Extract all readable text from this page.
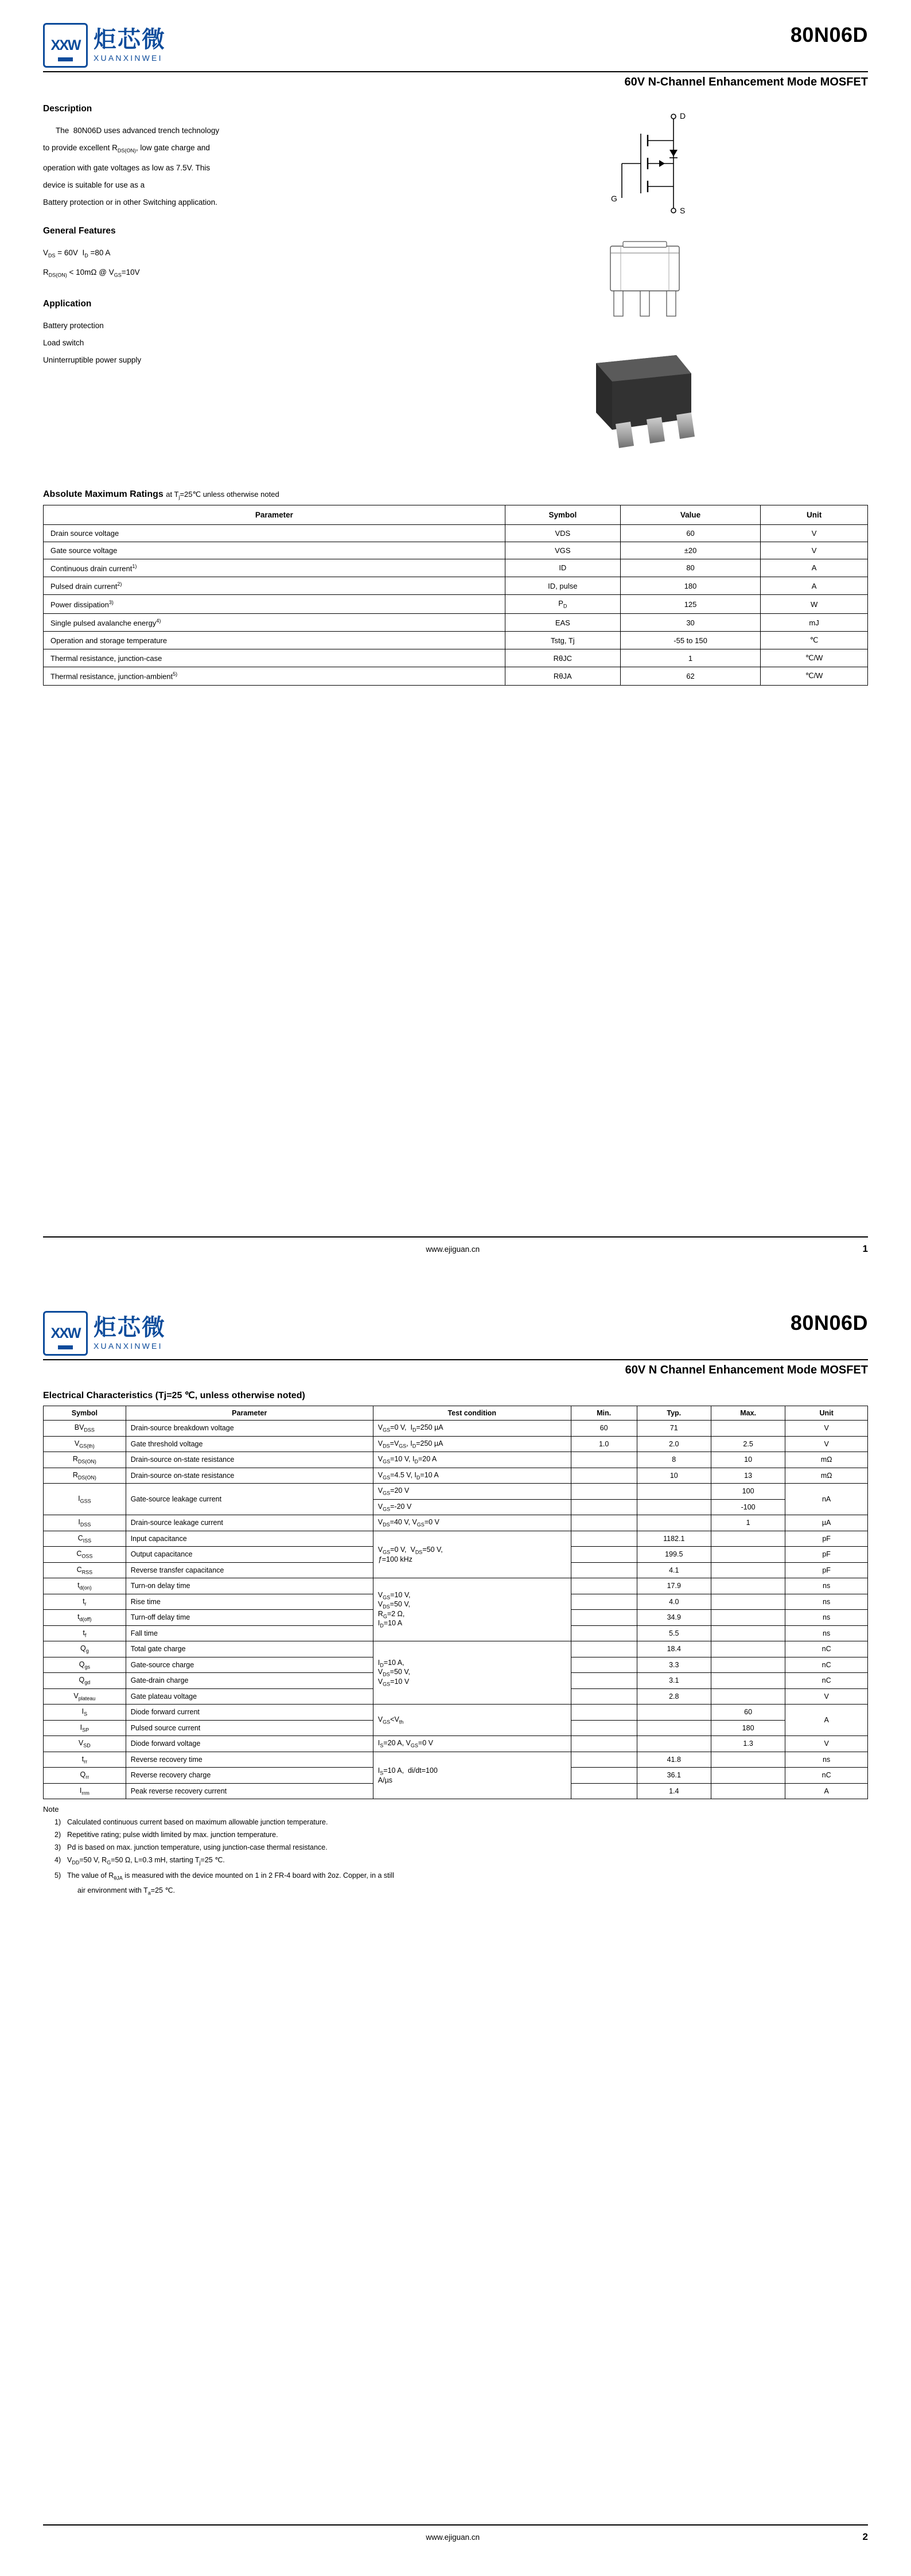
XXW 炬芯微
XUANXINWEI
80N06D
60V N-Channel Enhancement Mode MOSFET
Description
The  80N06D uses advanced trench technology
to provide excellent $R_{DS(ON)}$, low gate charge and
operation with gate voltages as low as 7.5V. This
device is suitable for use as a
Battery protection or in other Switching application.
General Features
$V_{DS} = 60V$  $I_D =80$ A
$R_{DS(ON)} < 10m\Omega$ @ $V_{GS}=10V$
Application
Battery protection
Load switch
Uninterruptible power supply
D
G
S
Absolute Maximum Ratings at $T_j=25℃$ unless otherwise noted
Parameter	Symbol	Value	Unit
Drain source voltage	VDS	60	V
Gate source voltage	VGS	±20	V
Continuous drain current$^{1)}$	ID	80	A
Pulsed drain current$^{2)}$	ID, pulse	180	A
Power dissipation$^{3)}$	$P_D$	125	W
Single pulsed avalanche energy$^{4)}$	EAS	30	mJ
Operation and storage temperature	Tstg, Tj	-55 to 150	℃
Thermal resistance, junction-case	RθJC	1	℃/W
Thermal resistance, junction-ambient$^{5)}$	RθJA	62	℃/W
www.ejiguan.cn	1
XXW 炬芯微
XUANXINWEI
80N06D
60V N Channel Enhancement Mode MOSFET
Electrical Characteristics (Tj=25 ℃, unless otherwise noted)
Symbol	Parameter	Test condition	Min.	Typ.	Max.	Unit
$BV_{DSS}$	Drain-source breakdown voltage	$V_{GS}=0$ V,  $I_D=250$ µA	60	71		V
$V_{GS(th)}$	Gate threshold voltage	$V_{DS}=V_{GS}$, $I_D=250$ µA	1.0	2.0	2.5	V
$R_{DS(ON)}$	Drain-source on-state resistance	$V_{GS}=10$ V, $I_D=20$ A		8	10	mΩ
$R_{DS(ON)}$	Drain-source on-state resistance	$V_{GS}=4.5$ V, $I_D=10$ A		10	13	mΩ
$I_{GSS}$	Gate-source leakage current	$V_{GS}=20$ V			100	nA
		$V_{GS}=-20$ V			-100	
$I_{DSS}$	Drain-source leakage current	$V_{DS}=40$ V, $V_{GS}=0$ V			1	µA
$C_{ISS}$	Input capacitance	$V_{GS}=0$ V,  $V_{DS}=50$ V,
ƒ=100 kHz		1182.1		pF
$C_{OSS}$	Output capacitance			199.5		pF
$C_{RSS}$	Reverse transfer capacitance			4.1		pF
$t_{d(on)}$	Turn-on delay time	$V_{GS}=10$ V,
$V_{DS}=50$ V,
$R_G=2$ Ω,
$I_D=10$ A		17.9		ns
$t_r$	Rise time			4.0		ns
$t_{d(off)}$	Turn-off delay time			34.9		ns
$t_f$	Fall time			5.5		ns
$Q_g$	Total gate charge	$I_D=10$ A,
$V_{DS}=50$ V,
$V_{GS}=10$ V		18.4		nC
$Q_{gs}$	Gate-source charge			3.3		nC
$Q_{gd}$	Gate-drain charge			3.1		nC
$V_{plateau}$	Gate plateau voltage			2.8		V
$I_S$	Diode forward current	$V_{GS}<V_{th}$			60	A
$I_{SP}$	Pulsed source current				180	
$V_{SD}$	Diode forward voltage	$I_S=20$ A, $V_{GS}=0$ V			1.3	V
$t_{rr}$	Reverse recovery time	$I_S=10$ A,  di/dt=100
A/µs		41.8		ns
$Q_{rr}$	Reverse recovery charge			36.1		nC
$I_{rrm}$	Peak reverse recovery current			1.4		A
Note
1) Calculated continuous current based on maximum allowable junction temperature.
2) Repetitive rating; pulse width limited by max. junction temperature.
3) Pd is based on max. junction temperature, using junction-case thermal resistance.
4) $V_{DD}=50$ V, $R_G=50$ Ω, L=0.3 mH, starting $T_j=25$ ℃.
5) The value of $R_{\theta JA}$ is measured with the device mounted on 1 in 2 FR-4 board with 2oz. Copper, in a still
air environment with $T_a=25$ ℃.
www.ejiguan.cn	2
